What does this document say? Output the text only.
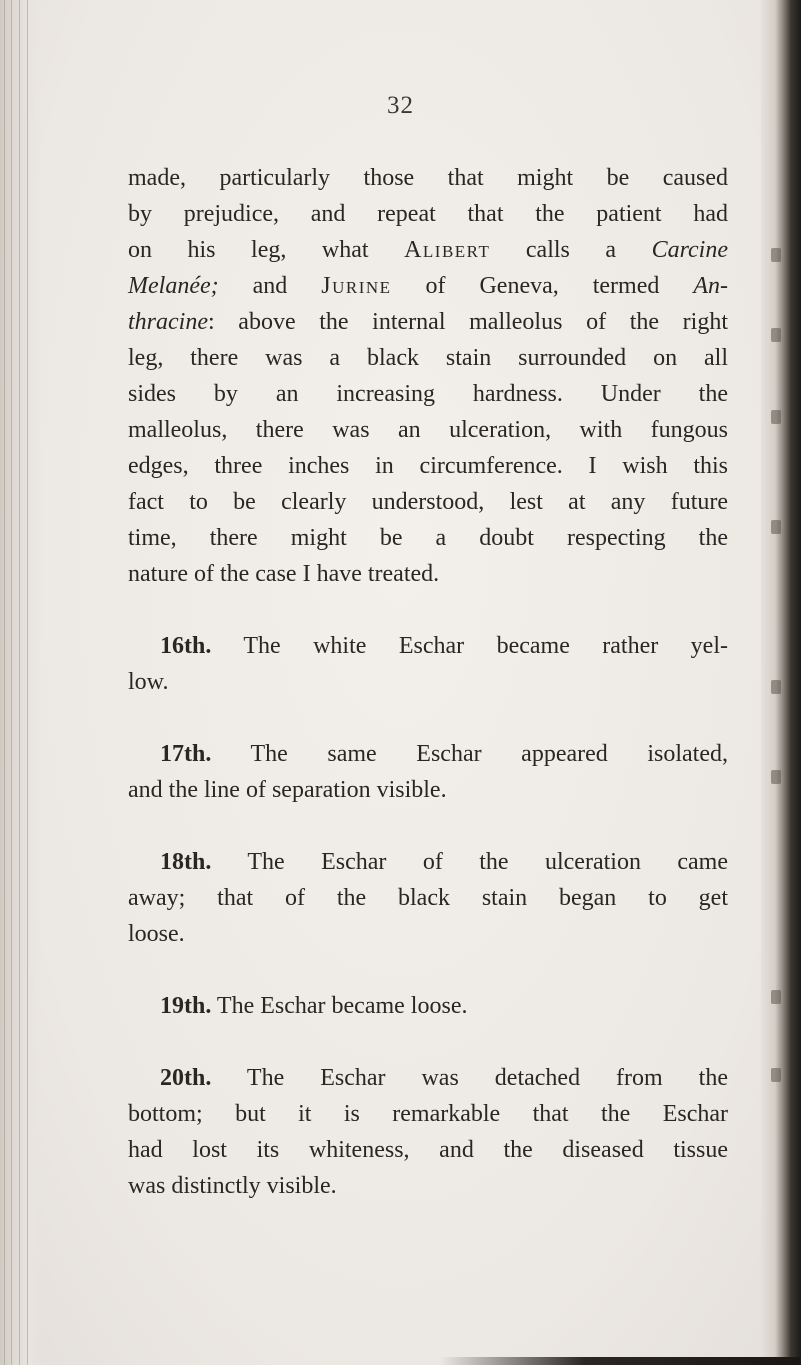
32
made, particularly those that might be caused
by prejudice, and repeat that the patient had
on his leg, what Alibert calls a Carcine
Melanée; and Jurine of Geneva, termed An-
thracine: above the internal malleolus of the right
leg, there was a black stain surrounded on all
sides by an increasing hardness. Under the
malleolus, there was an ulceration, with fungous
edges, three inches in circumference. I wish this
fact to be clearly understood, lest at any future
time, there might be a doubt respecting the
nature of the case I have treated.
16th. The white Eschar became rather yel-
low.
17th. The same Eschar appeared isolated,
and the line of separation visible.
18th. The Eschar of the ulceration came
away; that of the black stain began to get
loose.
19th. The Eschar became loose.
20th. The Eschar was detached from the
bottom; but it is remarkable that the Eschar
had lost its whiteness, and the diseased tissue
was distinctly visible.
